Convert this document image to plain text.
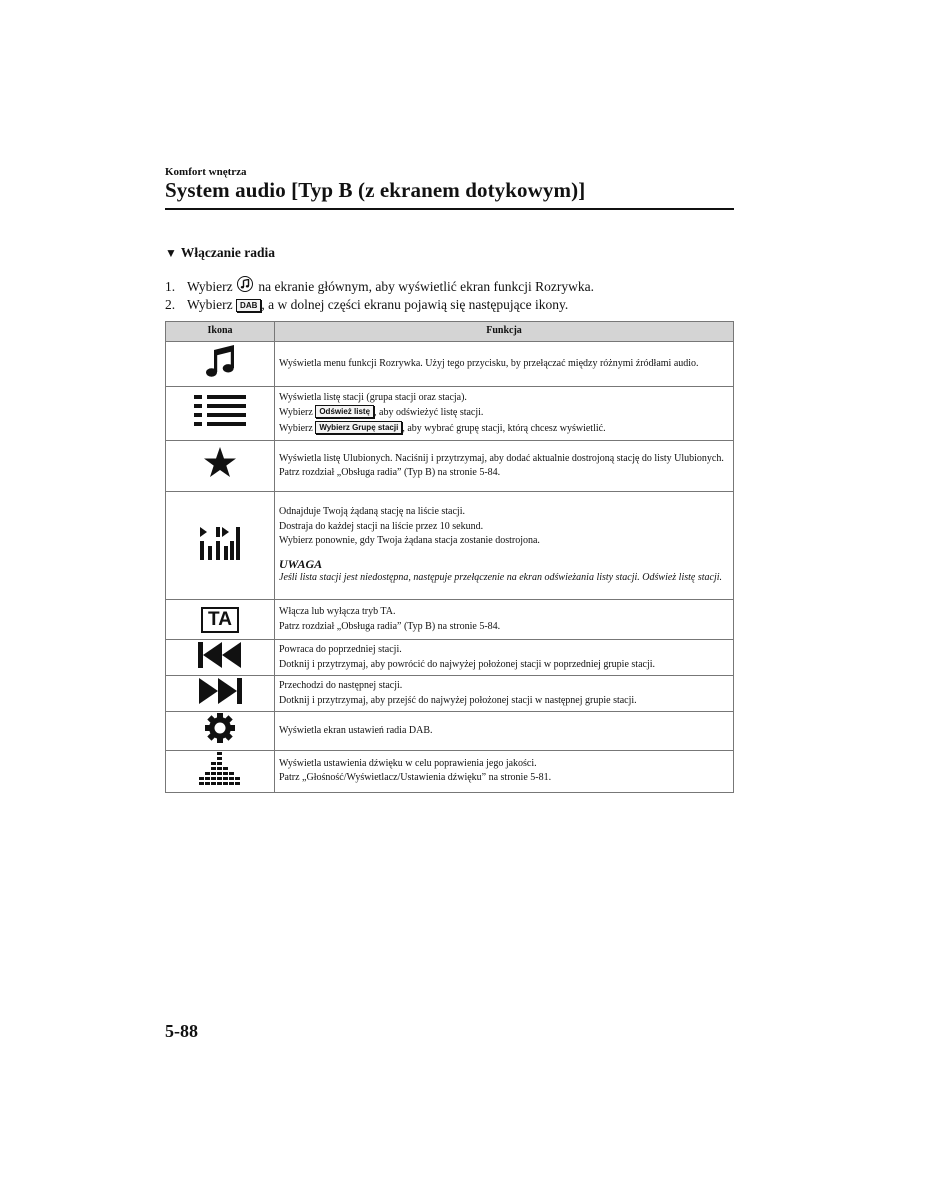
Komfort wnętrza
System audio [Typ B (z ekranem dotykowym)]
▼ Włączanie radia
1. Wybierz
na ekranie głównym, aby wyświetlić ekran funkcji Rozrywka.
2. Wybierz DAB , a w dolnej części ekranu pojawią się następujące ikony.
Ikona	Funkcja

Wyświetla menu funkcji Rozrywka. Użyj tego przycisku, by przełączać między różnymi źródłami audio.

Wyświetla listę stacji (grupa stacji oraz stacja).
Wybierz Odśwież listę , aby odświeżyć listę stacji.
Wybierz Wybierz Grupę stacji , aby wybrać grupę stacji, którą chcesz wyświetlić.

Wyświetla listę Ulubionych. Naciśnij i przytrzymaj, aby dodać aktualnie dostrojoną stację do listy Ulubionych.
Patrz rozdział „Obsługa radia” (Typ B) na stronie 5-84.

Odnajduje Twoją żądaną stację na liście stacji.
Dostraja do każdej stacji na liście przez 10 sekund.
Wybierz ponownie, gdy Twoja żądana stacja zostanie dostrojona.
UWAGA
Jeśli lista stacji jest niedostępna, następuje przełączenie na ekran odświeżania listy stacji. Odśwież listę stacji.

TA	Włącza lub wyłącza tryb TA.
Patrz rozdział „Obsługa radia” (Typ B) na stronie 5-84.

Powraca do poprzedniej stacji.
Dotknij i przytrzymaj, aby powrócić do najwyżej położonej stacji w poprzedniej grupie stacji.

Przechodzi do następnej stacji.
Dotknij i przytrzymaj, aby przejść do najwyżej położonej stacji w następnej grupie stacji.

Wyświetla ekran ustawień radia DAB.

Wyświetla ustawienia dźwięku w celu poprawienia jego jakości.
Patrz „Głośność/Wyświetlacz/Ustawienia dźwięku” na stronie 5-81.
5-88
